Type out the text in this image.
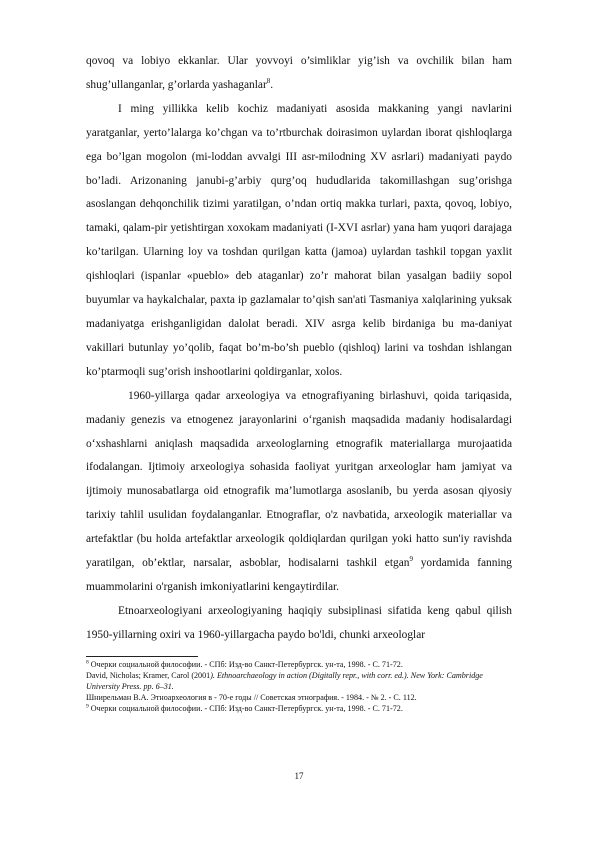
qovoq va lobiyo ekkanlar. Ular yovvoyi o’simliklar yig’ish va ovchilik bilan ham shug’ullanganlar, g’orlarda yashaganlar$^8$.

I ming yillikka kelib kochiz madaniyati asosida makkaning yangi navlarini yaratganlar, yerto’lalarga ko’chgan va to’rtburchak doirasimon uylardan iborat qishloqlarga ega bo’lgan mogolon (mi-loddan avvalgi III asr-milodning XV asrlari) madaniyati paydo bo’ladi. Arizonaning janubi-g’arbiy qurg’oq hududlarida takomillashgan sug’orishga asoslangan dehqonchilik tizimi yaratilgan, o’ndan ortiq makka turlari, paxta, qovoq, lobiyo, tamaki, qalam-pir yetishtirgan xoxokam madaniyati (I-XVI asrlar) yana ham yuqori darajaga ko’tarilgan. Ularning loy va toshdan qurilgan katta (jamoa) uylardan tashkil topgan yaxlit qishloqlari (ispanlar «pueblo» deb ataganlar) zo’r mahorat bilan yasalgan badiiy sopol buyumlar va haykalchalar, paxta ip gazlamalar to’qish san'ati Tasmaniya xalqlarining yuksak madaniyatga erishganligidan dalolat beradi. XIV asrga kelib birdaniga bu ma-daniyat vakillari butunlay yo’qolib, faqat bo’m-bo’sh pueblo (qishloq) larini va toshdan ishlangan ko’ptarmoqli sug’orish inshootlarini qoldirganlar, xolos.

1960-yillarga qadar arxeologiya va etnografiyaning birlashuvi, qoida tariqasida, madaniy genezis va etnogenez jarayonlarini o‘rganish maqsadida madaniy hodisalardagi o‘xshashlarni aniqlash maqsadida arxeologlarning etnografik materiallarga murojaatida ifodalangan. Ijtimoiy arxeologiya sohasida faoliyat yuritgan arxeologlar ham jamiyat va ijtimoiy munosabatlarga oid etnografik ma’lumotlarga asoslanib, bu yerda asosan qiyosiy tarixiy tahlil usulidan foydalanganlar. Etnograflar, o'z navbatida, arxeologik materiallar va artefaktlar (bu holda artefaktlar arxeologik qoldiqlardan qurilgan yoki hatto sun'iy ravishda yaratilgan, ob’ektlar, narsalar, asboblar, hodisalarni tashkil etgan$^9$ yordamida fanning muammolarini o'rganish imkoniyatlarini kengaytirdilar.

Etnoarxeologiyani arxeologiyaning haqiqiy subsiplinasi sifatida keng qabul qilish 1950-yillarning oxiri va 1960-yillargacha paydo bo'ldi, chunki arxeologlar

$^8$ Очерки социальной философии. - СПб: Изд-во Санкт-Петербургск. ун-та, 1998. - С. 71-72.

David, Nicholas; Kramer, Carol (2001). Ethnoarchaeology in action (Digitally repr., with corr. ed.). New York: Cambridge University Press. pp. 6–31.

Шнирельман В.А. Этноархеология в - 70-е годы // Советская этнография. - 1984. - № 2. - С. 112.

$^9$ Очерки социальной философии. - СПб: Изд-во Санкт-Петербургск. ун-та, 1998. - С. 71-72.

17
